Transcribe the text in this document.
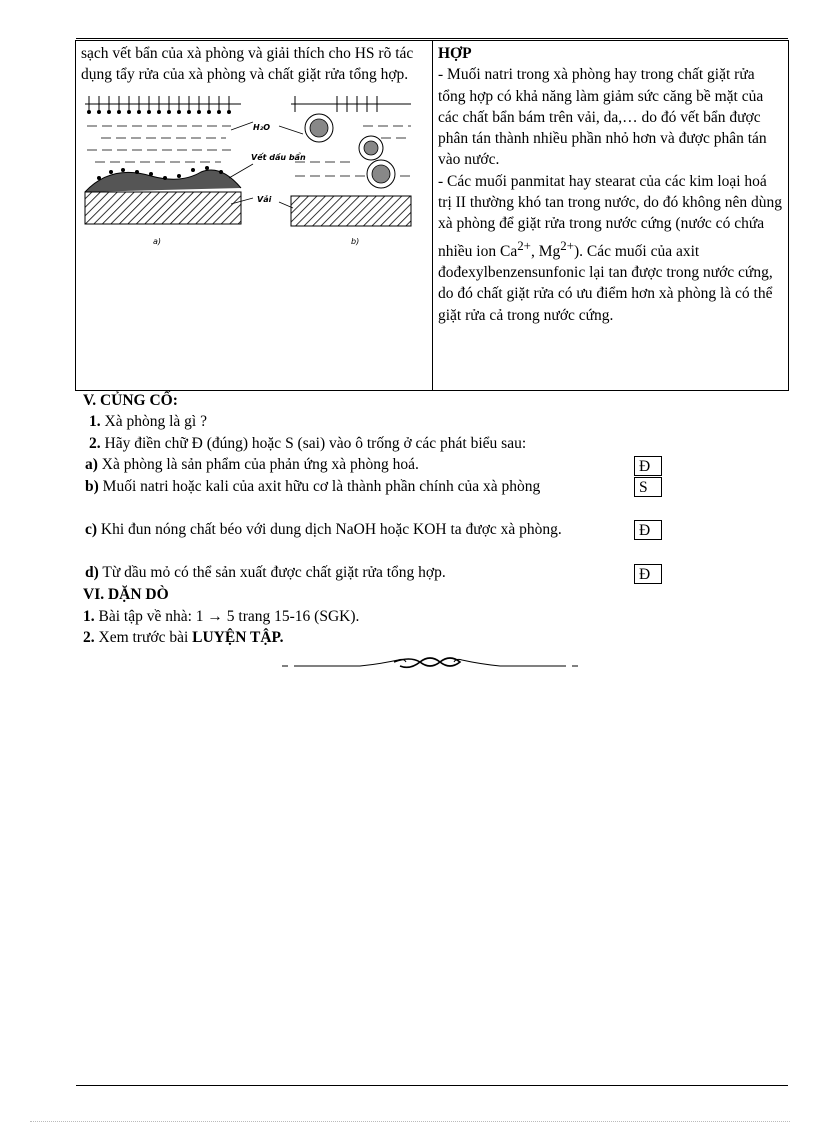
sạch vết bẩn của xà phòng và giải thích cho HS rõ tác dụng tẩy rửa của xà phòng và chất giặt rửa tổng hợp.
a)
H₂O
Vết dầu bẩn
Vải
b)

HỢP

- Muối natri trong xà phòng hay trong chất giặt rửa tổng hợp có khả năng làm giảm sức căng bề mặt của các chất bẩn bám trên vải, da,… do đó vết bẩn được phân tán thành nhiều phần nhỏ hơn và được phân tán vào nước.

- Các muối panmitat hay stearat của các kim loại hoá trị II thường khó tan trong nước, do đó không nên dùng xà phòng để giặt rửa trong nước cứng (nước có chứa nhiều ion $Ca^{2+}$, $Mg^{2+}$). Các muối của axit đođexylbenzensunfonic lại tan được trong nước cứng, do đó chất giặt rửa có ưu điểm hơn xà phòng là có thể giặt rửa cả trong nước cứng.

V. CỦNG CỐ:
1. Xà phòng là gì ?
2. Hãy điền chữ Đ (đúng) hoặc S (sai) vào ô trống ở các phát biểu sau:
a) Xà phòng là sản phẩm của phản ứng xà phòng hoá.	Đ
b) Muối natri hoặc kali của axit hữu cơ là thành phần chính của xà phòng	S
c) Khi đun nóng chất béo với dung dịch NaOH hoặc KOH ta được xà phòng.	Đ
d) Từ dầu mỏ có thể sản xuất được chất giặt rửa tổng hợp.	Đ
VI. DẶN DÒ
1. Bài tập về nhà: 1 → 5 trang 15-16 (SGK).
2. Xem trước bài LUYỆN TẬP.
